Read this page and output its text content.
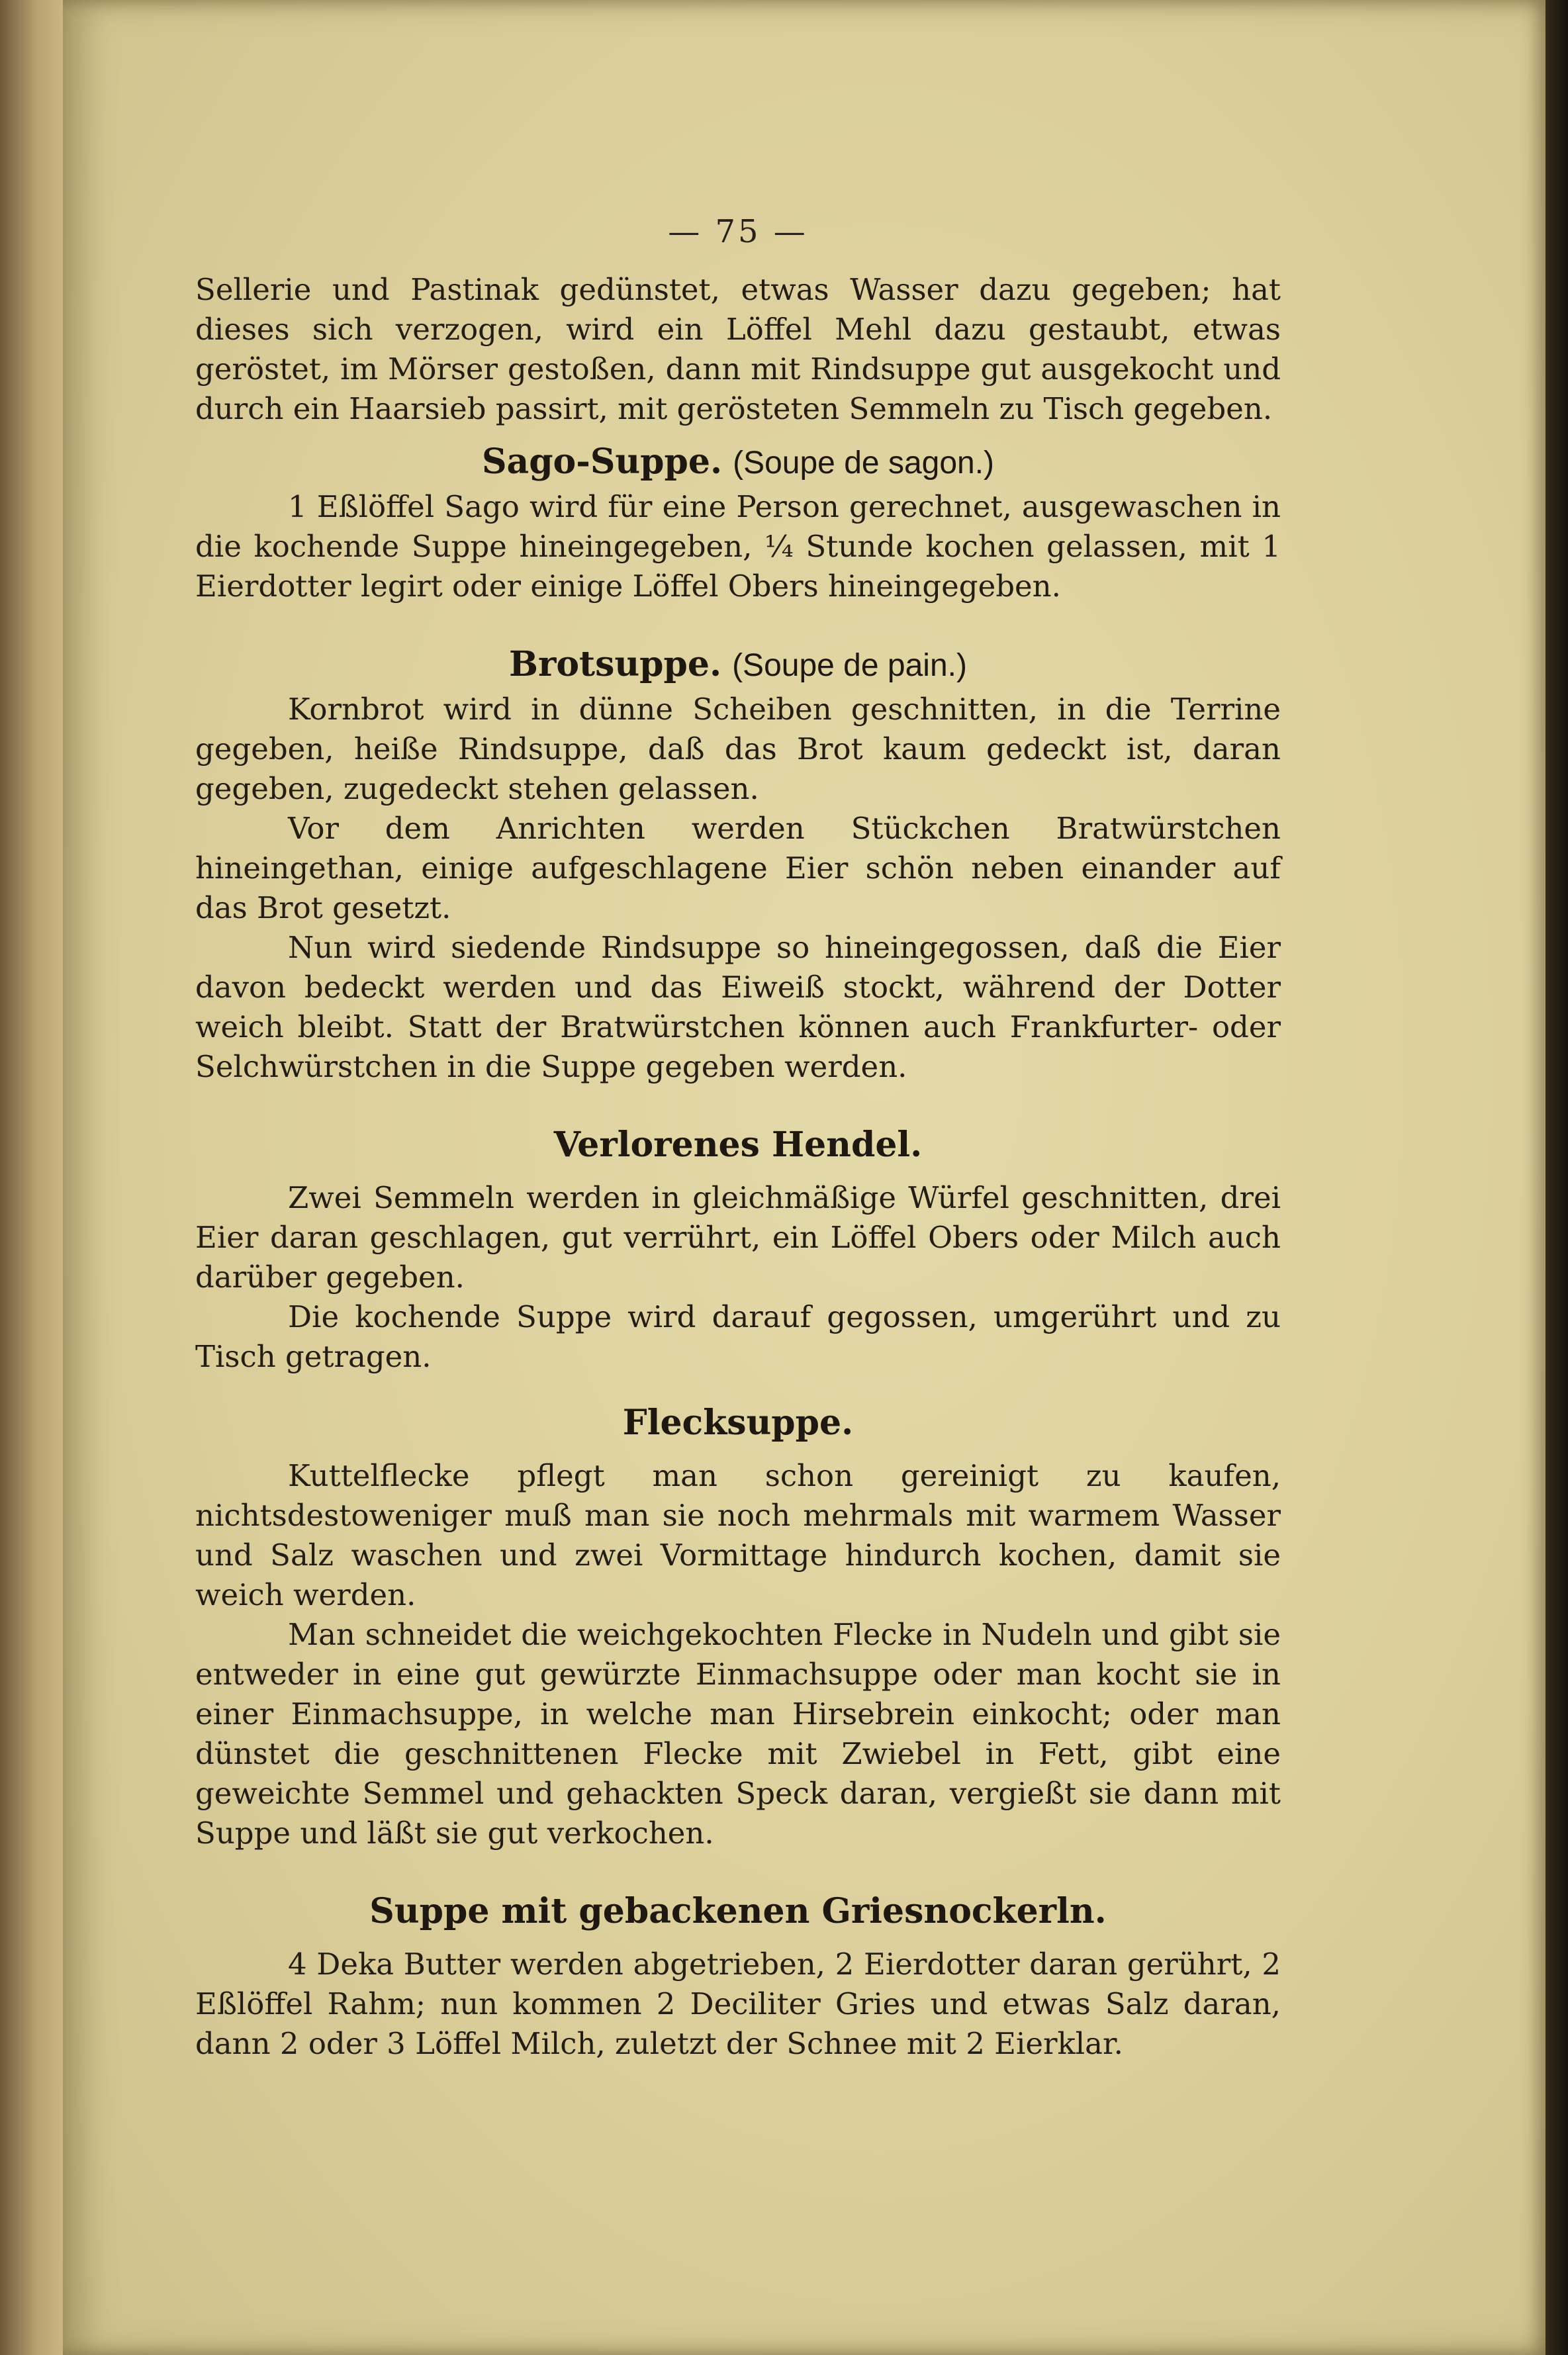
— 75 —

Sellerie und Pastinak gedünstet, etwas Wasser dazu gegeben; hat dieses sich verzogen, wird ein Löffel Mehl dazu gestaubt, etwas geröstet, im Mörser gestoßen, dann mit Rindsuppe gut ausgekocht und durch ein Haarsieb passirt, mit gerösteten Semmeln zu Tisch gegeben.

Sago-Suppe. (Soupe de sagon.)

1 Eßlöffel Sago wird für eine Person gerechnet, ausgewaschen in die kochende Suppe hineingegeben, ¼ Stunde kochen gelassen, mit 1 Eierdotter legirt oder einige Löffel Obers hineingegeben.

Brotsuppe. (Soupe de pain.)

Kornbrot wird in dünne Scheiben geschnitten, in die Terrine gegeben, heiße Rindsuppe, daß das Brot kaum gedeckt ist, daran gegeben, zugedeckt stehen gelassen.

Vor dem Anrichten werden Stückchen Bratwürstchen hineingethan, einige aufgeschlagene Eier schön neben einander auf das Brot gesetzt.

Nun wird siedende Rindsuppe so hineingegossen, daß die Eier davon bedeckt werden und das Eiweiß stockt, während der Dotter weich bleibt. Statt der Bratwürstchen können auch Frankfurter- oder Selchwürstchen in die Suppe gegeben werden.

Verlorenes Hendel.

Zwei Semmeln werden in gleichmäßige Würfel geschnitten, drei Eier daran geschlagen, gut verrührt, ein Löffel Obers oder Milch auch darüber gegeben.

Die kochende Suppe wird darauf gegossen, umgerührt und zu Tisch getragen.

Flecksuppe.

Kuttelflecke pflegt man schon gereinigt zu kaufen, nichtsdestoweniger muß man sie noch mehrmals mit warmem Wasser und Salz waschen und zwei Vormittage hindurch kochen, damit sie weich werden.

Man schneidet die weichgekochten Flecke in Nudeln und gibt sie entweder in eine gut gewürzte Einmachsuppe oder man kocht sie in einer Einmachsuppe, in welche man Hirsebrein einkocht; oder man dünstet die geschnittenen Flecke mit Zwiebel in Fett, gibt eine geweichte Semmel und gehackten Speck daran, vergießt sie dann mit Suppe und läßt sie gut verkochen.

Suppe mit gebackenen Griesnockerln.

4 Deka Butter werden abgetrieben, 2 Eierdotter daran gerührt, 2 Eßlöffel Rahm; nun kommen 2 Deciliter Gries und etwas Salz daran, dann 2 oder 3 Löffel Milch, zuletzt der Schnee mit 2 Eierklar.
